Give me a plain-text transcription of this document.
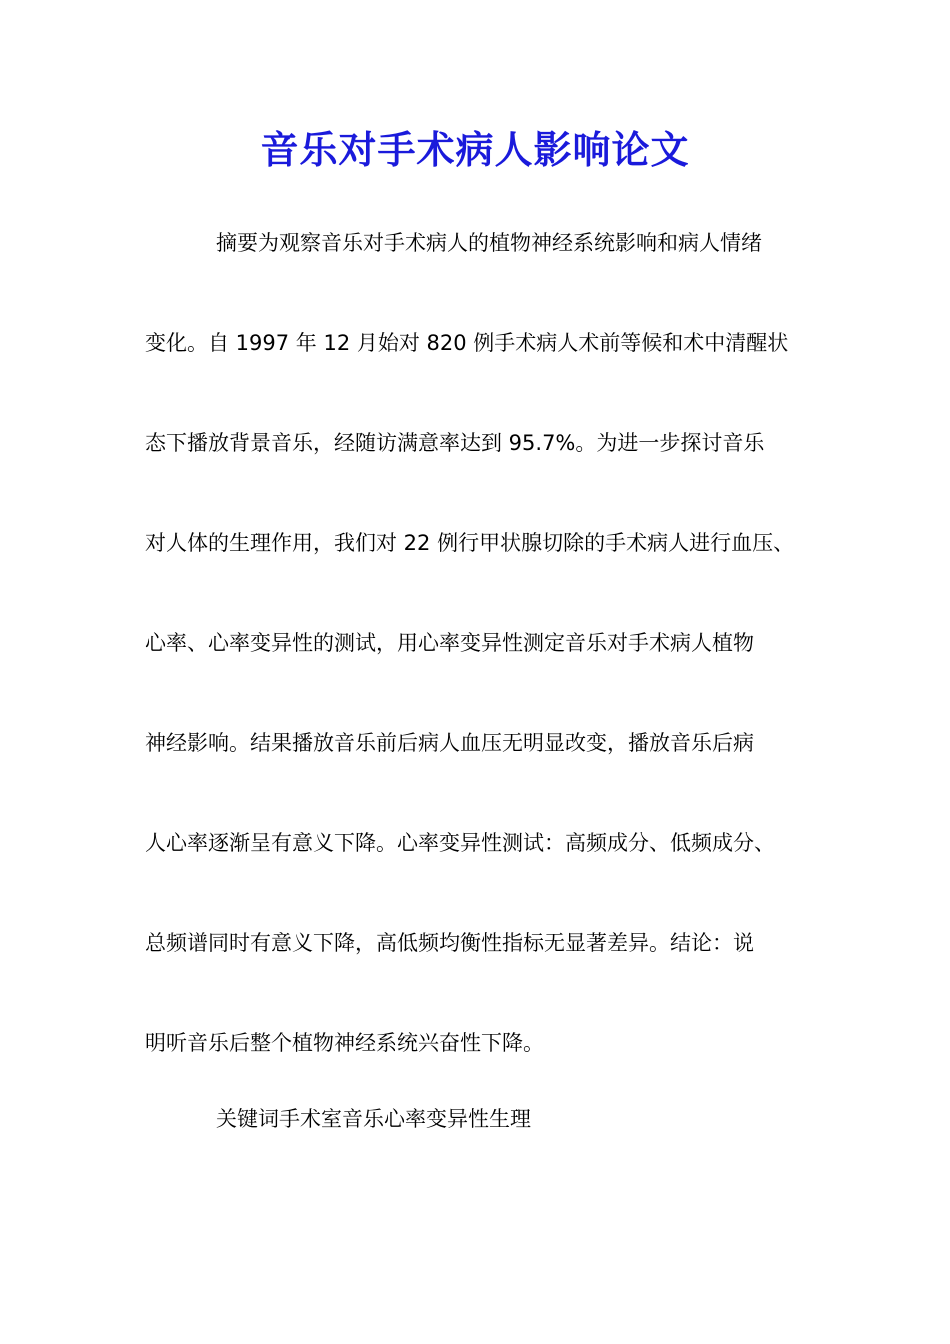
音乐对手术病人影响论文

摘要为观察音乐对手术病人的植物神经系统影响和病人情绪

变化。自 1997 年 12 月始对 820 例手术病人术前等候和术中清醒状

态下播放背景音乐，经随访满意率达到 95.7%。为进一步探讨音乐

对人体的生理作用，我们对 22 例行甲状腺切除的手术病人进行血压、

心率、心率变异性的测试，用心率变异性测定音乐对手术病人植物

神经影响。结果播放音乐前后病人血压无明显改变，播放音乐后病

人心率逐渐呈有意义下降。心率变异性测试：高频成分、低频成分、

总频谱同时有意义下降，高低频均衡性指标无显著差异。结论：说

明听音乐后整个植物神经系统兴奋性下降。

关键词手术室音乐心率变异性生理
